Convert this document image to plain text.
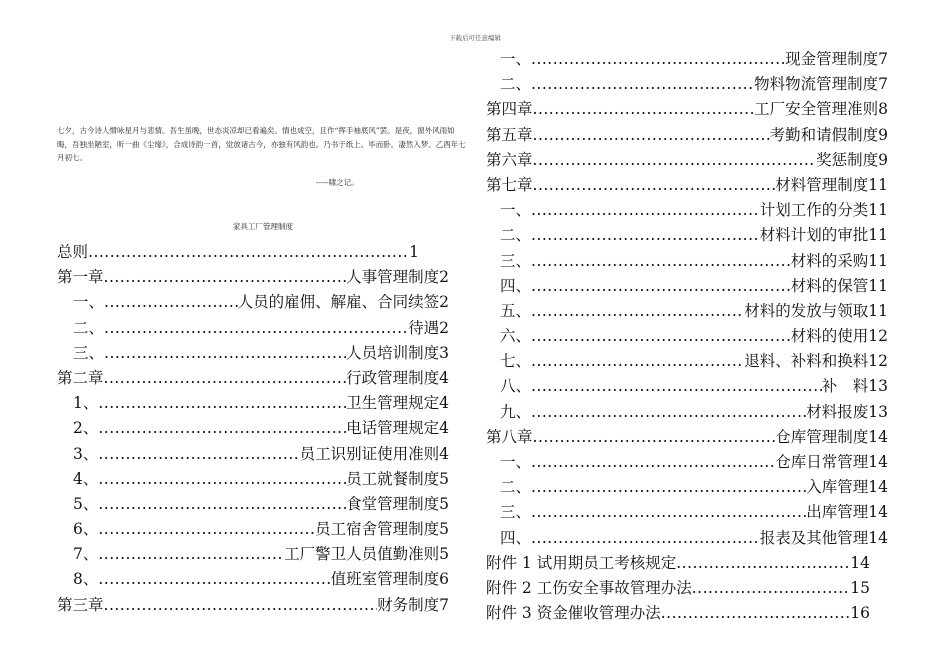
下载后可任意编辑
七夕，古今诗人惯咏星月与悲情。吾生虽晚，世态炎凉却已看遍矣。情也成空，且作“挥手袖底风”罢。是夜，窗外风雨如晦，吾独坐陋室，听一曲《尘缘》，合成诗韵一首，觉放诸古今，亦独有风韵也。乃书于纸上。毕而卧。凄然入梦。乙酉年七月初七。
-----啸之记。
家具工厂管理制度
总则 .....	1
第一章 .....	人事管理制度 2
一、 .....	人员的雇佣、解雇、合同续签 2
二、 .....	待遇 2
三、 .....	人员培训制度 3
第二章 .....	行政管理制度 4
1、 .....	卫生管理规定 4
2、 .....	电话管理规定 4
3、 .....	员工识别证使用准则 4
4、 .....	员工就餐制度 5
5、 .....	食堂管理制度 5
6、 .....	员工宿舍管理制度 5
7、 .....	工厂警卫人员值勤准则 5
8、 .....	值班室管理制度 6
第三章 .....	财务制度 7
一、 .....	现金管理制度 7
二、 .....	物料物流管理制度 7
第四章 .....	工厂安全管理准则 8
第五章 .....	考勤和请假制度 9
第六章 .....	奖惩制度 9
第七章 .....	材料管理制度 11
一、 .....	计划工作的分类 11
二、 .....	材料计划的审批 11
三、 .....	材料的采购 11
四、 .....	材料的保管 11
五、 .....	材料的发放与领取 11
六、 .....	材料的使用 12
七、 .....	退料、补料和换料 12
八、 .....	补　料 13
九、 .....	材料报废 13
第八章 .....	仓库管理制度 14
一、 .....	仓库日常管理 14
二、 .....	入库管理 14
三、 .....	出库管理 14
四、 .....	报表及其他管理 14
附件 1 试用期员工考核规定 .....	14
附件 2 工伤安全事故管理办法 .....	15
附件 3 资金催收管理办法 .....	16
